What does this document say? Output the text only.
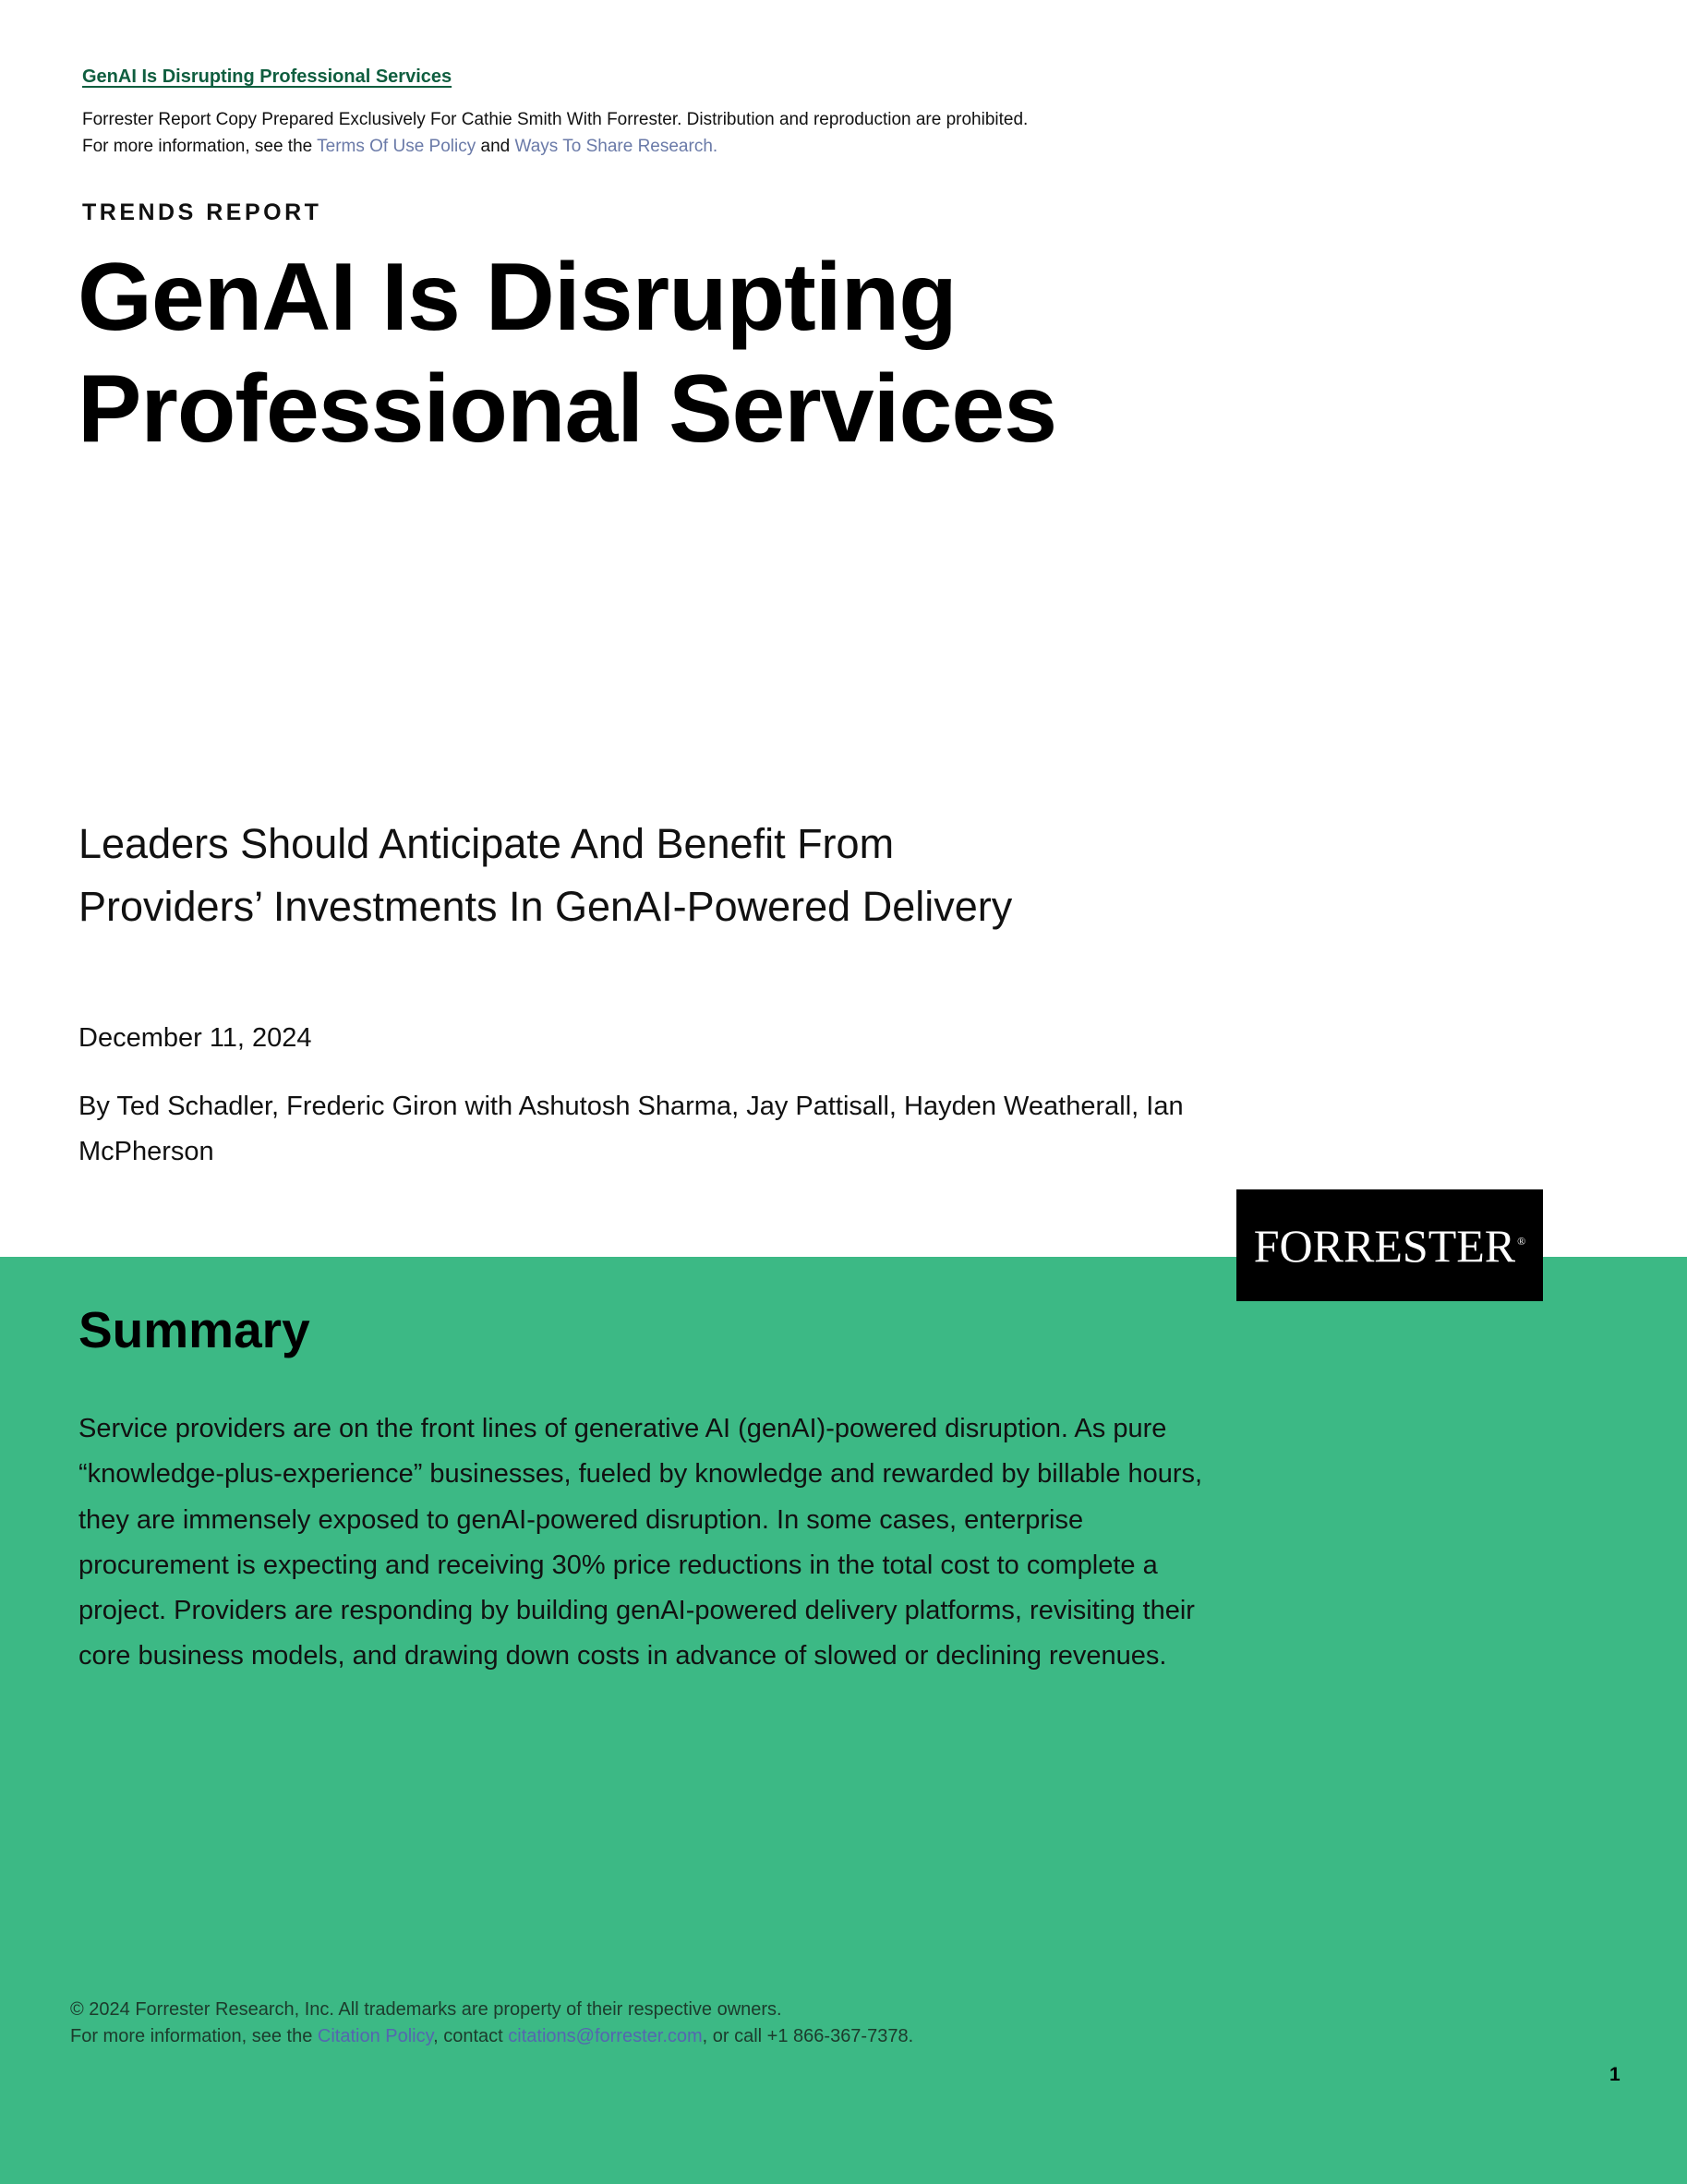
GenAI Is Disrupting Professional Services
Forrester Report Copy Prepared Exclusively For Cathie Smith With Forrester. Distribution and reproduction are prohibited.
For more information, see the Terms Of Use Policy and Ways To Share Research.
TRENDS REPORT
GenAI Is Disrupting
Professional Services
Leaders Should Anticipate And Benefit From
Providers’ Investments In GenAI-Powered Delivery
December 11, 2024
By Ted Schadler, Frederic Giron with Ashutosh Sharma, Jay Pattisall, Hayden Weatherall, Ian McPherson
FORRESTER ®
Summary

Service providers are on the front lines of generative AI (genAI)-powered disruption. As pure “knowledge-plus-experience” businesses, fueled by knowledge and rewarded by billable hours, they are immensely exposed to genAI-powered disruption. In some cases, enterprise procurement is expecting and receiving 30% price reductions in the total cost to complete a project. Providers are responding by building genAI-powered delivery platforms, revisiting their core business models, and drawing down costs in advance of slowed or declining revenues.

© 2024 Forrester Research, Inc. All trademarks are property of their respective owners.
For more information, see the Citation Policy, contact citations@forrester.com, or call +1 866-367-7378.
1
